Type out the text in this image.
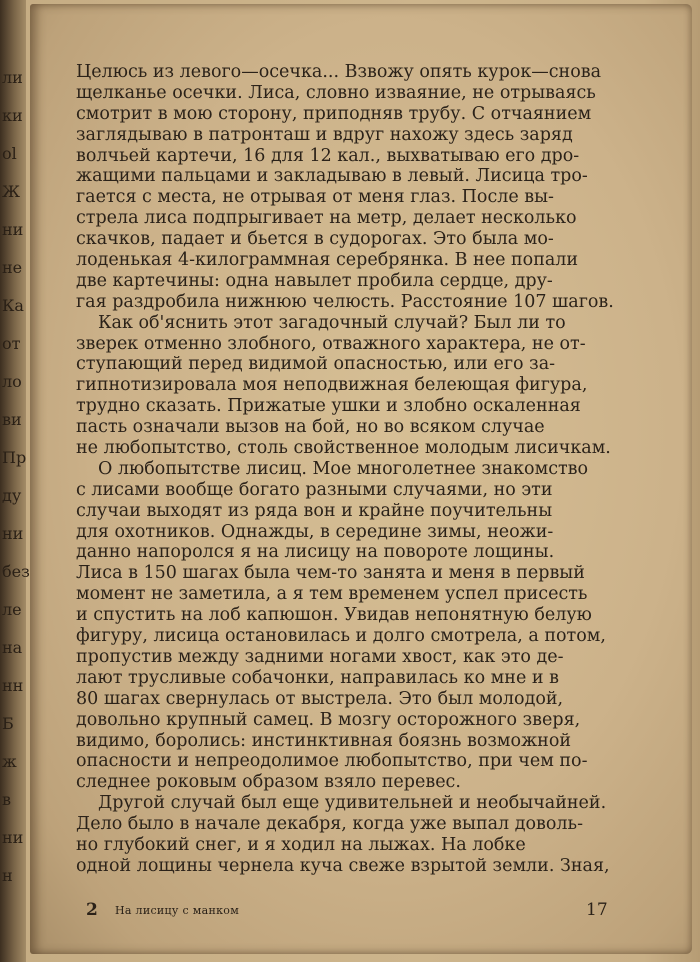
ли
ки
ol
Ж
ни
не
Ка
от
ло
ви
Пр
ду
ни
без
ле
на
нн
Б
ж
в
ни
н
Целюсь из левого—осечка... Взвожу опять курок—снова
щелканье осечки. Лиса, словно изваяние, не отрываясь
смотрит в мою сторону, приподняв трубу. С отчаянием
заглядываю в патронташ и вдруг нахожу здесь заряд
волчьей картечи, 16 для 12 кал., выхватываю его дро-
жащими пальцами и закладываю в левый. Лисица тро-
гается с места, не отрывая от меня глаз. После вы-
стрела лиса подпрыгивает на метр, делает несколько
скачков, падает и бьется в судорогах. Это была мо-
лоденькая 4-килограммная серебрянка. В нее попали
две картечины: одна навылет пробила сердце, дру-
гая раздробила нижнюю челюсть. Расстояние 107 шагов.
Как об'яснить этот загадочный случай? Был ли то
зверек отменно злобного, отважного характера, не от-
ступающий перед видимой опасностью, или его за-
гипнотизировала моя неподвижная белеющая фигура,
трудно сказать. Прижатые ушки и злобно оскаленная
пасть означали вызов на бой, но во всяком случае
не любопытство, столь свойственное молодым лисичкам.
О любопытстве лисиц. Мое многолетнее знакомство
с лисами вообще богато разными случаями, но эти
случаи выходят из ряда вон и крайне поучительны
для охотников. Однажды, в середине зимы, неожи-
данно напоролся я на лисицу на повороте лощины.
Лиса в 150 шагах была чем-то занята и меня в первый
момент не заметила, а я тем временем успел присесть
и спустить на лоб капюшон. Увидав непонятную белую
фигуру, лисица остановилась и долго смотрела, а потом,
пропустив между задними ногами хвост, как это де-
лают трусливые собачонки, направилась ко мне и в
80 шагах свернулась от выстрела. Это был молодой,
довольно крупный самец. В мозгу осторожного зверя,
видимо, боролись: инстинктивная боязнь возможной
опасности и непреодолимое любопытство, при чем по-
следнее роковым образом взяло перевес.
Другой случай был еще удивительней и необычайней.
Дело было в начале декабря, когда уже выпал доволь-
но глубокий снег, и я ходил на лыжах. На лобке
одной лощины чернела куча свеже взрытой земли. Зная,
2 На лисицу с манком	17
